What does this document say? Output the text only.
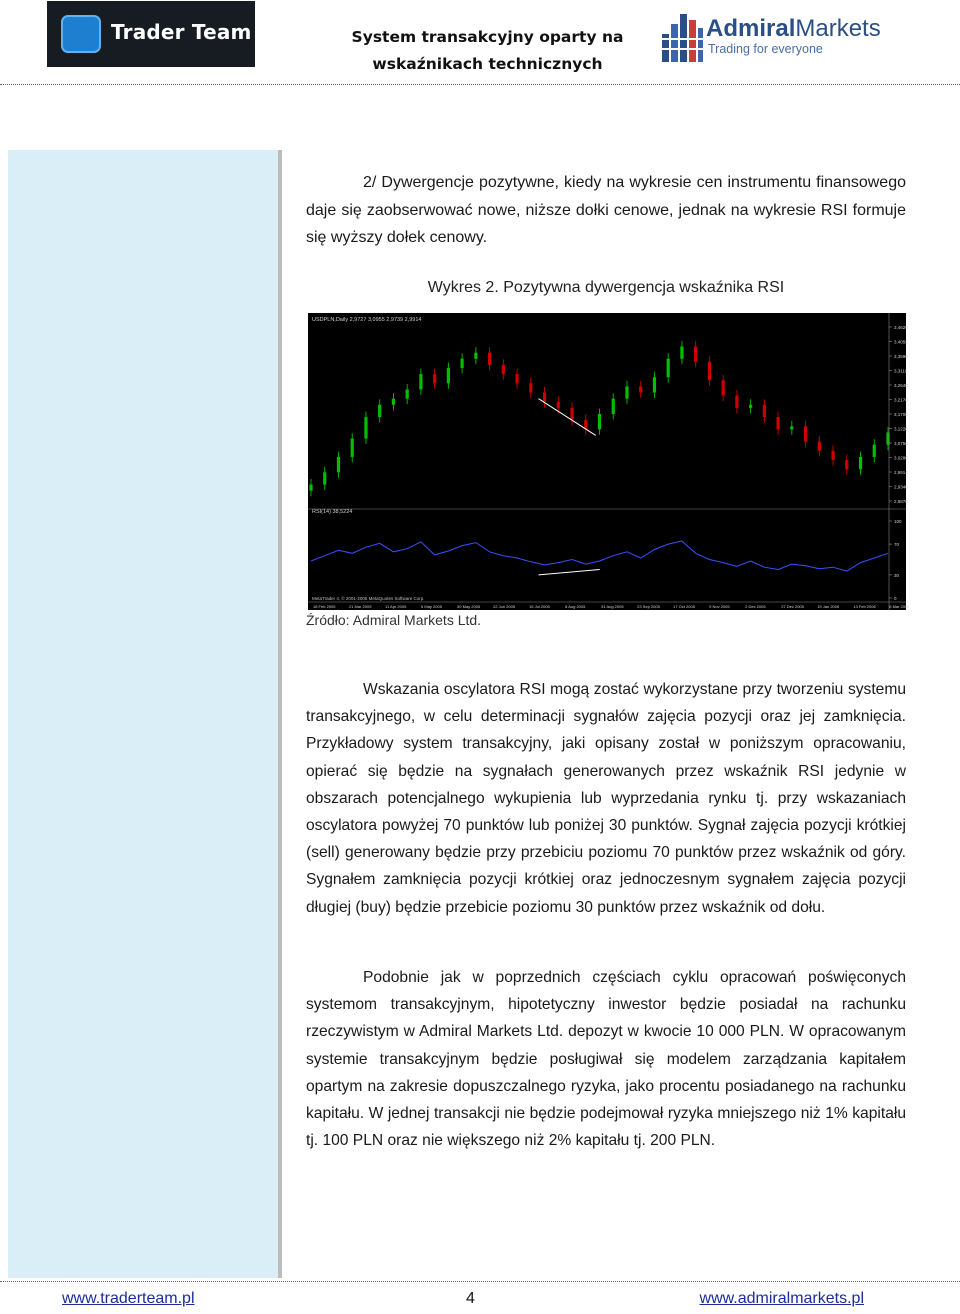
Trader Team	System transakcyjny oparty na wskaźnikach technicznych
AdmiralMarkets
Trading for everyone

2/ Dywergencje pozytywne, kiedy na wykresie cen instrumentu finansowego daje się zaobserwować nowe, niższe dołki cenowe, jednak na wykresie RSI formuje się wyższy dołek cenowy.

Wykres 2. Pozytywna dywergencja wskaźnika RSI
3,4620
3,4055
3,3590
3,3110
3,2640
3,2170
3,1700
3,1220
3,0750
3,0280
2,9914
2,9340
2,8870
100
70
30
0
18 Feb 2005	21 Mar 2005	11 Apr 2005	5 May 2005	30 May 2005	22 Jun 2005	15 Jul 2005	8 Aug 2005	31 Aug 2005	23 Sep 2005	17 Oct 2005	9 Nov 2005	2 Dec 2005	27 Dec 2005	19 Jan 2006	13 Feb 2006	8 Mar 2006
USDPLN,Daily 2,9727 3,0955 2,9739 2,9914
RSI(14) 38,5224
MetaTrader 4, © 2001-2005 MetaQuotes Software Corp.
Źródło: Admiral Markets Ltd.

Wskazania oscylatora RSI mogą zostać wykorzystane przy tworzeniu systemu transakcyjnego, w celu determinacji sygnałów zajęcia pozycji oraz jej zamknięcia. Przykładowy system transakcyjny, jaki opisany został w poniższym opracowaniu, opierać się będzie na sygnałach generowanych przez wskaźnik RSI jedynie w obszarach potencjalnego wykupienia lub wyprzedania rynku tj. przy wskazaniach oscylatora powyżej 70 punktów lub poniżej 30 punktów. Sygnał zajęcia pozycji krótkiej (sell) generowany będzie przy przebiciu poziomu 70 punktów przez wskaźnik od góry. Sygnałem zamknięcia pozycji krótkiej oraz jednoczesnym sygnałem zajęcia pozycji długiej (buy) będzie przebicie poziomu 30 punktów przez wskaźnik od dołu.

Podobnie jak w poprzednich częściach cyklu opracowań poświęconych systemom transakcyjnym, hipotetyczny inwestor będzie posiadał na rachunku rzeczywistym w Admiral Markets Ltd. depozyt w kwocie 10 000 PLN. W opracowanym systemie transakcyjnym będzie posługiwał się modelem zarządzania kapitałem opartym na zakresie dopuszczalnego ryzyka, jako procentu posiadanego na rachunku kapitału. W jednej transakcji nie będzie podejmował ryzyka mniejszego niż 1% kapitału tj. 100 PLN oraz nie większego niż 2% kapitału tj. 200 PLN.

www.traderteam.pl	4	www.admiralmarkets.pl
